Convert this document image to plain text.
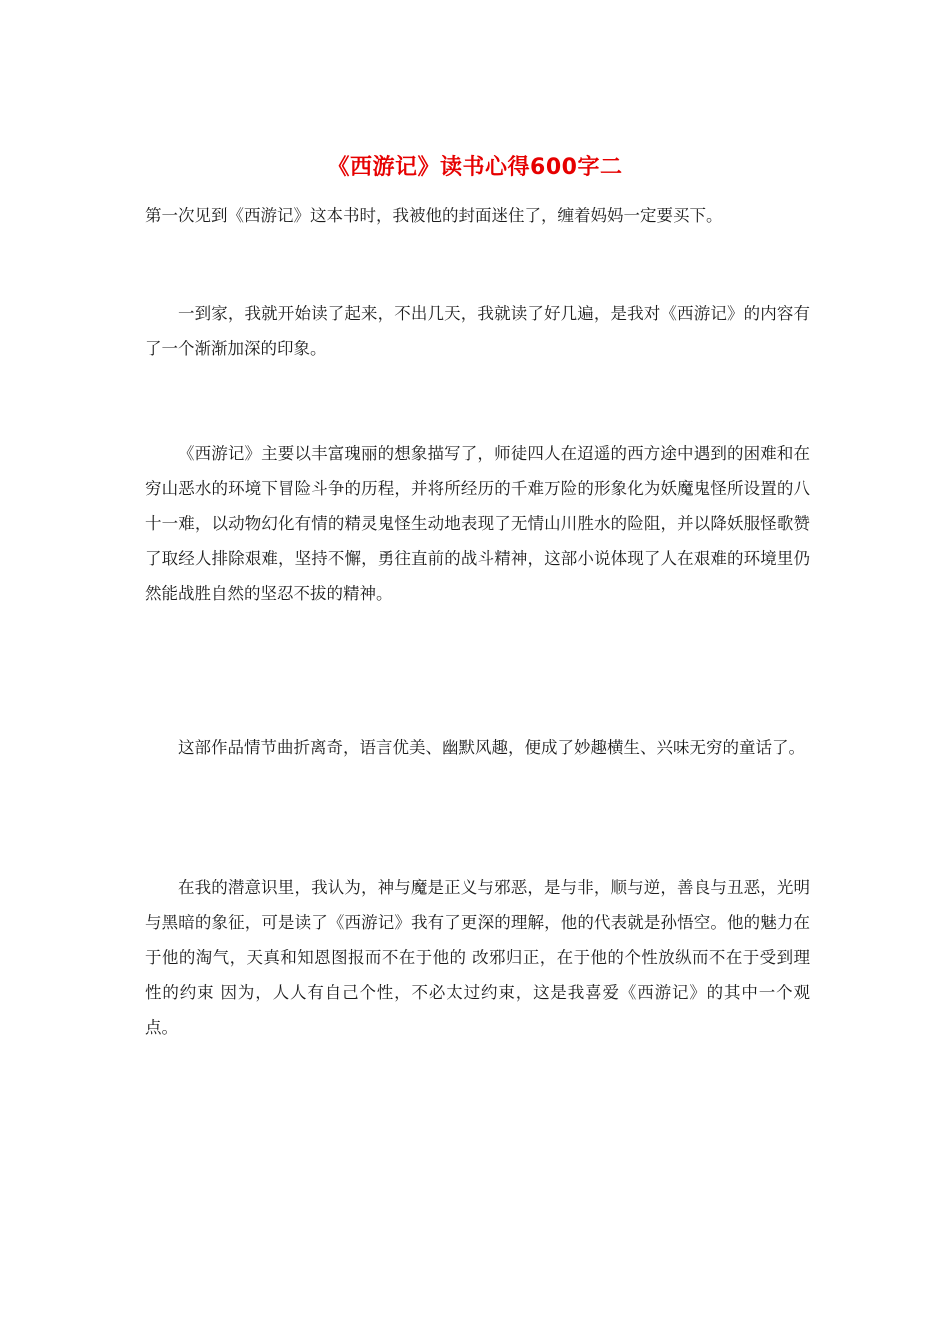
《西游记》读书心得600字二

第一次见到《西游记》这本书时，我被他的封面迷住了，缠着妈妈一定要买下。

一到家，我就开始读了起来，不出几天，我就读了好几遍，是我对《西游记》的内容有了一个渐渐加深的印象。

《西游记》主要以丰富瑰丽的想象描写了，师徒四人在迢遥的西方途中遇到的困难和在穷山恶水的环境下冒险斗争的历程，并将所经历的千难万险的形象化为妖魔鬼怪所设置的八十一难，以动物幻化有情的精灵鬼怪生动地表现了无情山川胜水的险阻，并以降妖服怪歌赞了取经人排除艰难，坚持不懈，勇往直前的战斗精神，这部小说体现了人在艰难的环境里仍然能战胜自然的坚忍不拔的精神。

这部作品情节曲折离奇，语言优美、幽默风趣，便成了妙趣横生、兴味无穷的童话了。

在我的潜意识里，我认为，神与魔是正义与邪恶，是与非，顺与逆，善良与丑恶，光明与黑暗的象征，可是读了《西游记》我有了更深的理解，他的代表就是孙悟空。他的魅力在于他的淘气，天真和知恩图报而不在于他的 改邪归正，在于他的个性放纵而不在于受到理性的约束 因为，人人有自己个性，不必太过约束，这是我喜爱《西游记》的其中一个观点。
